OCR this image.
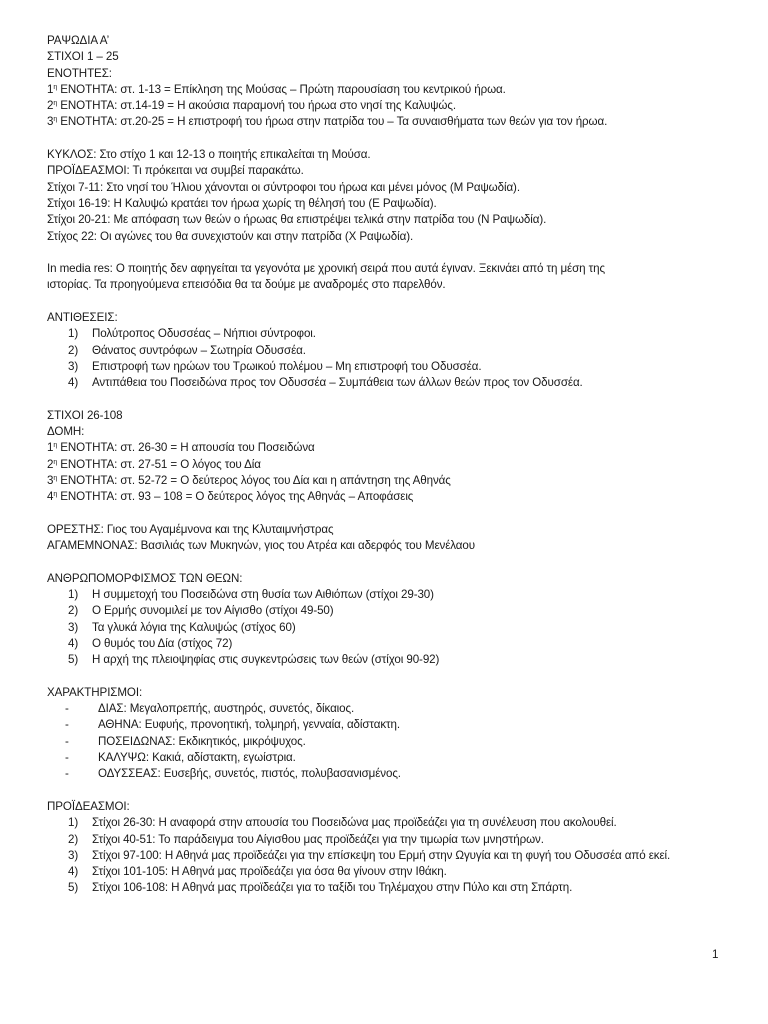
ΡΑΨΩΔΙΑ Α’
ΣΤΙΧΟΙ 1 – 25
ΕΝΟΤΗΤΕΣ:
$1^\eta$ ΕΝΟΤΗΤΑ: στ. 1-13 = Επίκληση της Μούσας – Πρώτη παρουσίαση του κεντρικού ήρωα.
$2^\eta$ ΕΝΟΤΗΤΑ: στ.14-19 = Η ακούσια παραμονή του ήρωα στο νησί της Καλυψώς.
$3^\eta$ ΕΝΟΤΗΤΑ: στ.20-25 = Η επιστροφή του ήρωα στην πατρίδα του – Τα συναισθήματα των θεών για τον ήρωα.
ΚΥΚΛΟΣ: Στο στίχο 1 και 12-13 ο ποιητής επικαλείται τη Μούσα.
ΠΡΟΪΔΕΑΣΜΟΙ: Τι πρόκειται να συμβεί παρακάτω.
Στίχοι 7-11: Στο νησί του Ήλιου χάνονται οι σύντροφοι του ήρωα και μένει μόνος (Μ Ραψωδία).
Στίχοι 16-19: Η Καλυψώ κρατάει τον ήρωα χωρίς τη θέλησή του (Ε Ραψωδία).
Στίχοι 20-21: Με απόφαση των θεών ο ήρωας θα επιστρέψει τελικά στην πατρίδα του (Ν Ραψωδία).
Στίχος 22: Οι αγώνες του θα συνεχιστούν και στην πατρίδα (Χ Ραψωδία).
In media res: Ο ποιητής δεν αφηγείται τα γεγονότα με χρονική σειρά που αυτά έγιναν. Ξεκινάει από τη μέση της
ιστορίας. Τα προηγούμενα επεισόδια θα τα δούμε με αναδρομές στο παρελθόν.
ΑΝΤΙΘΕΣΕΙΣ:
1)	Πολύτροπος Οδυσσέας – Νήπιοι σύντροφοι.
2)	Θάνατος συντρόφων – Σωτηρία Οδυσσέα.
3)	Επιστροφή των ηρώων του Τρωικού πολέμου – Μη επιστροφή του Οδυσσέα.
4)	Αντιπάθεια του Ποσειδώνα προς τον Οδυσσέα – Συμπάθεια των άλλων θεών προς τον Οδυσσέα.
ΣΤΙΧΟΙ 26-108
ΔΟΜΗ:
$1^\eta$ ΕΝΟΤΗΤΑ: στ. 26-30 = Η απουσία του Ποσειδώνα
$2^\eta$ ΕΝΟΤΗΤΑ: στ. 27-51 = Ο λόγος του Δία
$3^\eta$ ΕΝΟΤΗΤΑ: στ. 52-72 = Ο δεύτερος λόγος του Δία και η απάντηση της Αθηνάς
$4^\eta$ ΕΝΟΤΗΤΑ: στ. 93 – 108 = Ο δεύτερος λόγος της Αθηνάς – Αποφάσεις
ΟΡΕΣΤΗΣ: Γιος του Αγαμέμνονα και της Κλυταιμνήστρας
ΑΓΑΜΕΜΝΟΝΑΣ: Βασιλιάς των Μυκηνών, γιος του Ατρέα και αδερφός του Μενέλαου
ΑΝΘΡΩΠΟΜΟΡΦΙΣΜΟΣ ΤΩΝ ΘΕΩΝ:
1)	Η συμμετοχή του Ποσειδώνα στη θυσία των Αιθιόπων (στίχοι 29-30)
2)	Ο Ερμής συνομιλεί με τον Αίγισθο (στίχοι 49-50)
3)	Τα γλυκά λόγια της Καλυψώς (στίχος 60)
4)	Ο θυμός του Δία (στίχος 72)
5)	Η αρχή της πλειοψηφίας στις συγκεντρώσεις των θεών (στίχοι 90-92)
ΧΑΡΑΚΤΗΡΙΣΜΟΙ:
-	ΔΙΑΣ: Μεγαλοπρεπής, αυστηρός, συνετός, δίκαιος.
-	ΑΘΗΝΑ: Ευφυής, προνοητική, τολμηρή, γενναία, αδίστακτη.
-	ΠΟΣΕΙΔΩΝΑΣ: Εκδικητικός, μικρόψυχος.
-	ΚΑΛΥΨΩ: Κακιά, αδίστακτη, εγωίστρια.
-	ΟΔΥΣΣΕΑΣ: Ευσεβής, συνετός, πιστός, πολυβασανισμένος.
ΠΡΟΪΔΕΑΣΜΟΙ:
1)	Στίχοι 26-30: Η αναφορά στην απουσία του Ποσειδώνα μας προϊδεάζει για τη συνέλευση που ακολουθεί.
2)	Στίχοι 40-51: Το παράδειγμα του Αίγισθου μας προϊδεάζει για την τιμωρία των μνηστήρων.
3)	Στίχοι 97-100: Η Αθηνά μας προϊδεάζει για την επίσκεψη του Ερμή στην Ωγυγία και τη φυγή του Οδυσσέα από εκεί.
4)	Στίχοι 101-105: Η Αθηνά μας προϊδεάζει για όσα θα γίνουν στην Ιθάκη.
5)	Στίχοι 106-108: Η Αθηνά μας προϊδεάζει για το ταξίδι του Τηλέμαχου στην Πύλο και στη Σπάρτη.
1
